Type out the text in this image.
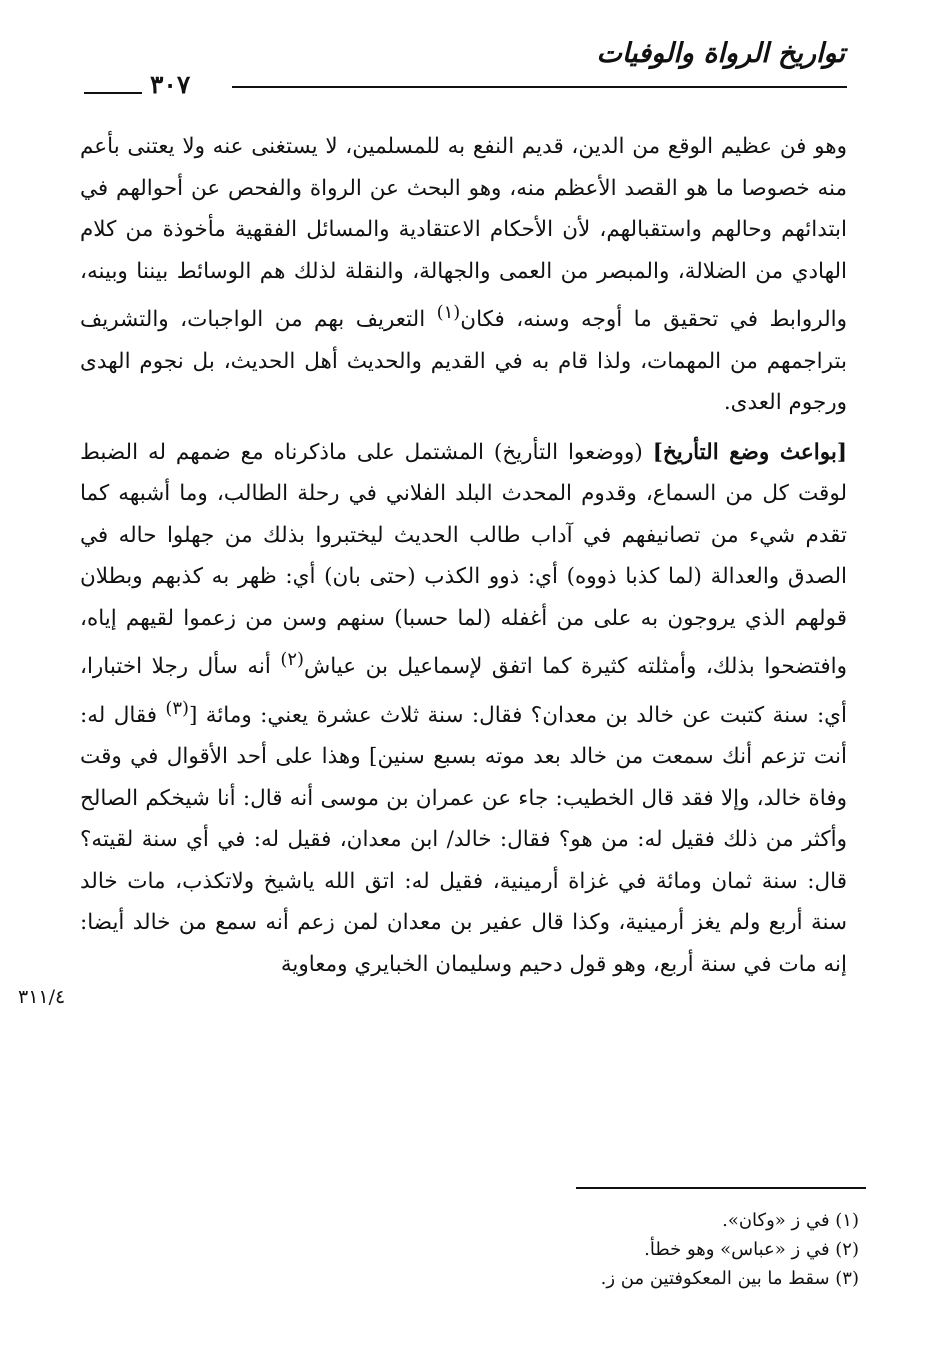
تواريخ الرواة والوفيات
٣٠٧

وهو فن عظيم الوقع من الدين، قديم النفع به للمسلمين، لا يستغنى عنه ولا يعتنى بأعم منه خصوصا ما هو القصد الأعظم منه، وهو البحث عن الرواة والفحص عن أحوالهم في ابتدائهم وحالهم واستقبالهم، لأن الأحكام الاعتقادية والمسائل الفقهية مأخوذة من كلام الهادي من الضلالة، والمبصر من العمى والجهالة، والنقلة لذلك هم الوسائط بيننا وبينه، والروابط في تحقيق ما أوجه وسنه، فكان$^{(١)}$ التعريف بهم من الواجبات، والتشريف بتراجمهم من المهمات، ولذا قام به في القديم والحديث أهل الحديث، بل نجوم الهدى ورجوم العدى.

[بواعث وضع التأريخ] (ووضعوا التأريخ) المشتمل على ماذكرناه مع ضمهم له الضبط لوقت كل من السماع، وقدوم المحدث البلد الفلاني في رحلة الطالب، وما أشبهه كما تقدم شيء من تصانيفهم في آداب طالب الحديث ليختبروا بذلك من جهلوا حاله في الصدق والعدالة (لما كذبا ذووه) أي: ذوو الكذب (حتى بان) أي: ظهر به كذبهم وبطلان قولهم الذي يروجون به على من أغفله (لما حسبا) سنهم وسن من زعموا لقيهم إياه، وافتضحوا بذلك، وأمثلته كثيرة كما اتفق لإسماعيل بن عياش$^{(٢)}$ أنه سأل رجلا اختبارا، أي: سنة كتبت عن خالد بن معدان؟ فقال: سنة ثلاث عشرة يعني: ومائة [$^{(٣)}$ فقال له: أنت تزعم أنك سمعت من خالد بعد موته بسبع سنين] وهذا على أحد الأقوال في وقت وفاة خالد، وإلا فقد قال الخطيب: جاء عن عمران بن موسى أنه قال: أنا شيخكم الصالح وأكثر من ذلك فقيل له: من هو؟ فقال: خالد/ ابن معدان، فقيل له: في أي سنة لقيته؟ قال: سنة ثمان ومائة في غزاة أرمينية، فقيل له: اتق الله ياشيخ ولاتكذب، مات خالد سنة أربع ولم يغز أرمينية، وكذا قال عفير بن معدان لمن زعم أنه سمع من خالد أيضا: إنه مات في سنة أربع، وهو قول دحيم وسليمان الخبايري ومعاوية

٣١١/٤

(١) في ز «وكان».

(٢) في ز «عباس» وهو خطأ.

(٣) سقط ما بين المعكوفتين من ز.
